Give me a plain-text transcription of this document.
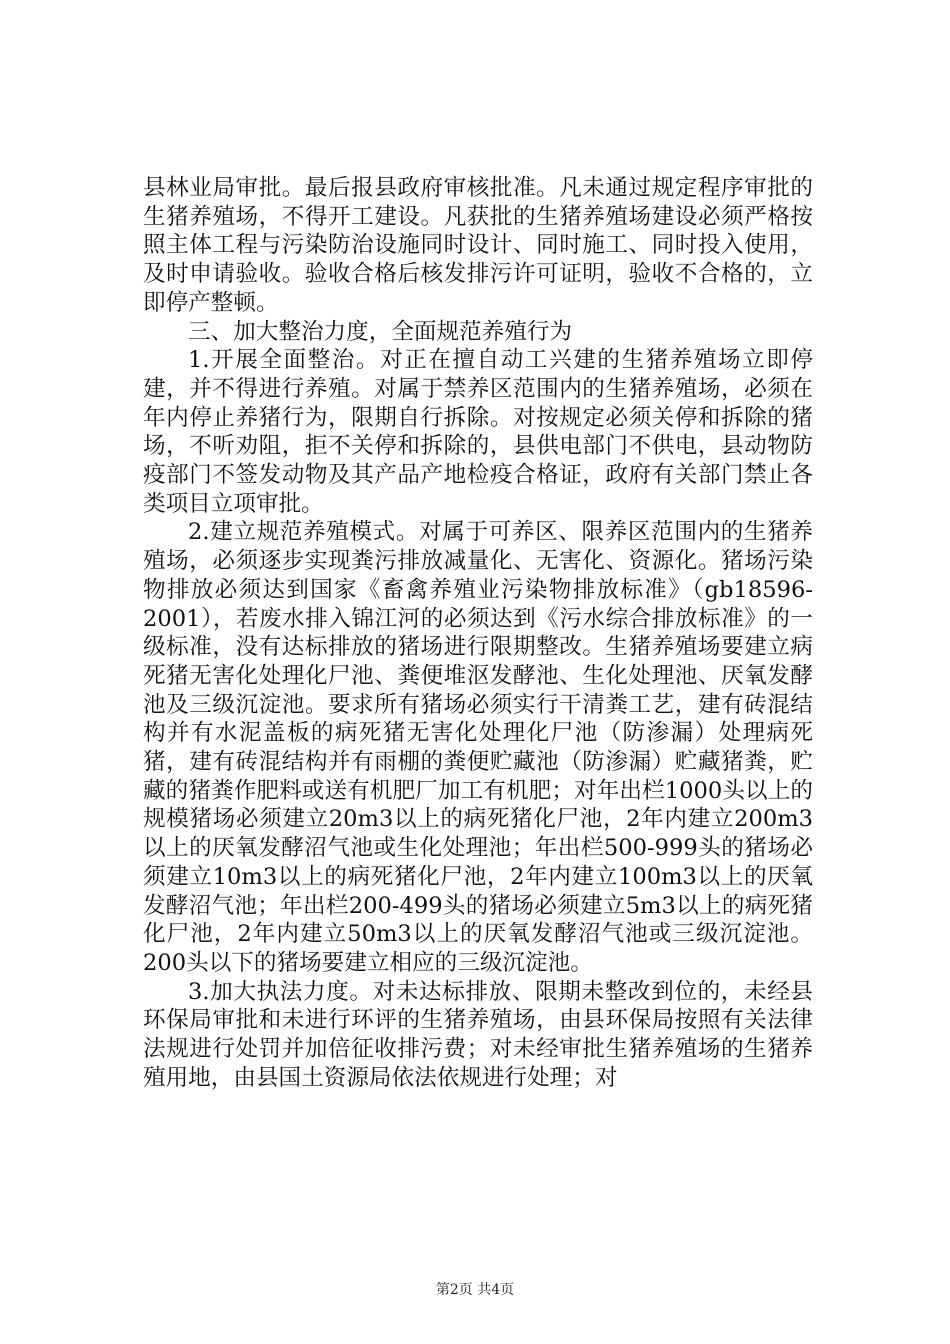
县林业局审批。最后报县政府审核批准。凡未通过规定程序审批的生猪养殖场，不得开工建设。凡获批的生猪养殖场建设必须严格按照主体工程与污染防治设施同时设计、同时施工、同时投入使用，及时申请验收。验收合格后核发排污许可证明，验收不合格的，立即停产整顿。

三、加大整治力度，全面规范养殖行为

1.开展全面整治。对正在擅自动工兴建的生猪养殖场立即停建，并不得进行养殖。对属于禁养区范围内的生猪养殖场，必须在年内停止养猪行为，限期自行拆除。对按规定必须关停和拆除的猪场，不听劝阻，拒不关停和拆除的，县供电部门不供电，县动物防疫部门不签发动物及其产品产地检疫合格证，政府有关部门禁止各类项目立项审批。

2.建立规范养殖模式。对属于可养区、限养区范围内的生猪养殖场，必须逐步实现粪污排放减量化、无害化、资源化。猪场污染物排放必须达到国家《畜禽养殖业污染物排放标准》（gb18596-2001），若废水排入锦江河的必须达到《污水综合排放标准》的一级标准，没有达标排放的猪场进行限期整改。生猪养殖场要建立病死猪无害化处理化尸池、粪便堆沤发酵池、生化处理池、厌氧发酵池及三级沉淀池。要求所有猪场必须实行干清粪工艺，建有砖混结构并有水泥盖板的病死猪无害化处理化尸池（防渗漏）处理病死猪，建有砖混结构并有雨棚的粪便贮藏池（防渗漏）贮藏猪粪，贮藏的猪粪作肥料或送有机肥厂加工有机肥；对年出栏1000头以上的规模猪场必须建立20m3以上的病死猪化尸池，2年内建立200m3以上的厌氧发酵沼气池或生化处理池；年出栏500-999头的猪场必须建立10m3以上的病死猪化尸池，2年内建立100m3以上的厌氧发酵沼气池；年出栏200-499头的猪场必须建立5m3以上的病死猪化尸池，2年内建立50m3以上的厌氧发酵沼气池或三级沉淀池。200头以下的猪场要建立相应的三级沉淀池。

3.加大执法力度。对未达标排放、限期未整改到位的，未经县环保局审批和未进行环评的生猪养殖场，由县环保局按照有关法律法规进行处罚并加倍征收排污费；对未经审批生猪养殖场的生猪养殖用地，由县国土资源局依法依规进行处理；对

第2页 共4页
